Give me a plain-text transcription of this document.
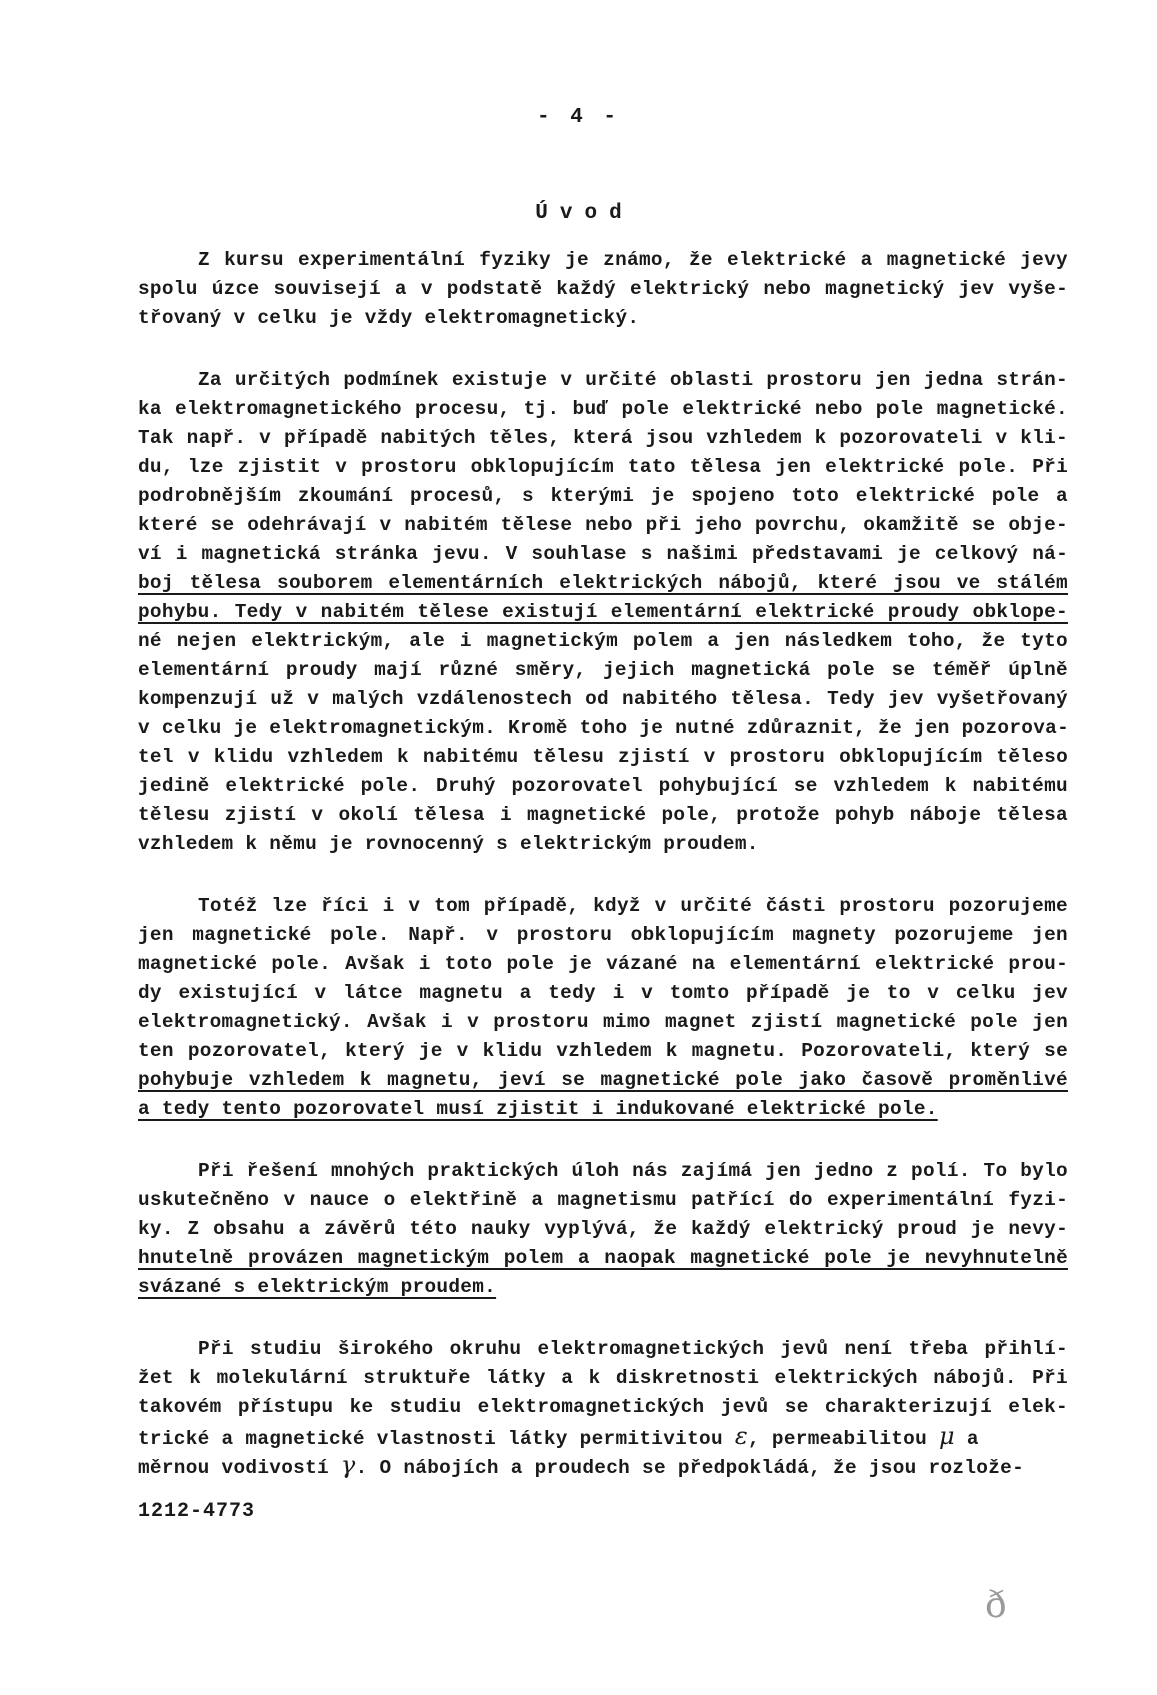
- 4 -
Úvod
Z kursu experimentální fyziky je známo, že elektrické a magnetické jevy
spolu úzce souvisejí a v podstatě každý elektrický nebo magnetický jev vyše-
třovaný v celku je vždy elektromagnetický.
Za určitých podmínek existuje v určité oblasti prostoru jen jedna strán-
ka elektromagnetického procesu, tj. buď pole elektrické nebo pole magnetické.
Tak např. v případě nabitých těles, která jsou vzhledem k pozorovateli v kli-
du, lze zjistit v prostoru obklopujícím tato tělesa jen elektrické pole. Při
podrobnějším zkoumání procesů, s kterými je spojeno toto elektrické pole a
které se odehrávají v nabitém tělese nebo při jeho povrchu, okamžitě se obje-
ví i magnetická stránka jevu. V souhlase s našimi představami je celkový ná-
boj tělesa souborem elementárních elektrických nábojů, které jsou ve stálém
pohybu. Tedy v nabitém tělese existují elementární elektrické proudy obklope-
né nejen elektrickým, ale i magnetickým polem a jen následkem toho, že tyto
elementární proudy mají různé směry, jejich magnetická pole se téměř úplně
kompenzují už v malých vzdálenostech od nabitého tělesa. Tedy jev vyšetřovaný
v celku je elektromagnetickým. Kromě toho je nutné zdůraznit, že jen pozorova-
tel v klidu vzhledem k nabitému tělesu zjistí v prostoru obklopujícím těleso
jedině elektrické pole. Druhý pozorovatel pohybující se vzhledem k nabitému
tělesu zjistí v okolí tělesa i magnetické pole, protože pohyb náboje tělesa
vzhledem k němu je rovnocenný s elektrickým proudem.
Totéž lze říci i v tom případě, když v určité části prostoru pozorujeme
jen magnetické pole. Např. v prostoru obklopujícím magnety pozorujeme jen
magnetické pole. Avšak i toto pole je vázané na elementární elektrické prou-
dy existující v látce magnetu a tedy i v tomto případě je to v celku jev
elektromagnetický. Avšak i v prostoru mimo magnet zjistí magnetické pole jen
ten pozorovatel, který je v klidu vzhledem k magnetu. Pozorovateli, který se
pohybuje vzhledem k magnetu, jeví se magnetické pole jako časově proměnlivé
a tedy tento pozorovatel musí zjistit i indukované elektrické pole.
Při řešení mnohých praktických úloh nás zajímá jen jedno z polí. To bylo
uskutečněno v nauce o elektřině a magnetismu patřící do experimentální fyzi-
ky. Z obsahu a závěrů této nauky vyplývá, že každý elektrický proud je nevy-
hnutelně provázen magnetickým polem a naopak magnetické pole je nevyhnutelně
svázané s elektrickým proudem.
Při studiu širokého okruhu elektromagnetických jevů není třeba přihlí-
žet k molekulární struktuře látky a k diskretnosti elektrických nábojů. Při
takovém přístupu ke studiu elektromagnetických jevů se charakterizují elek-
trické a magnetické vlastnosti látky permitivitou ε, permeabilitou μ a
měrnou vodivostí γ. O nábojích a proudech se předpokládá, že jsou rozlože-
1212-4773
ð
